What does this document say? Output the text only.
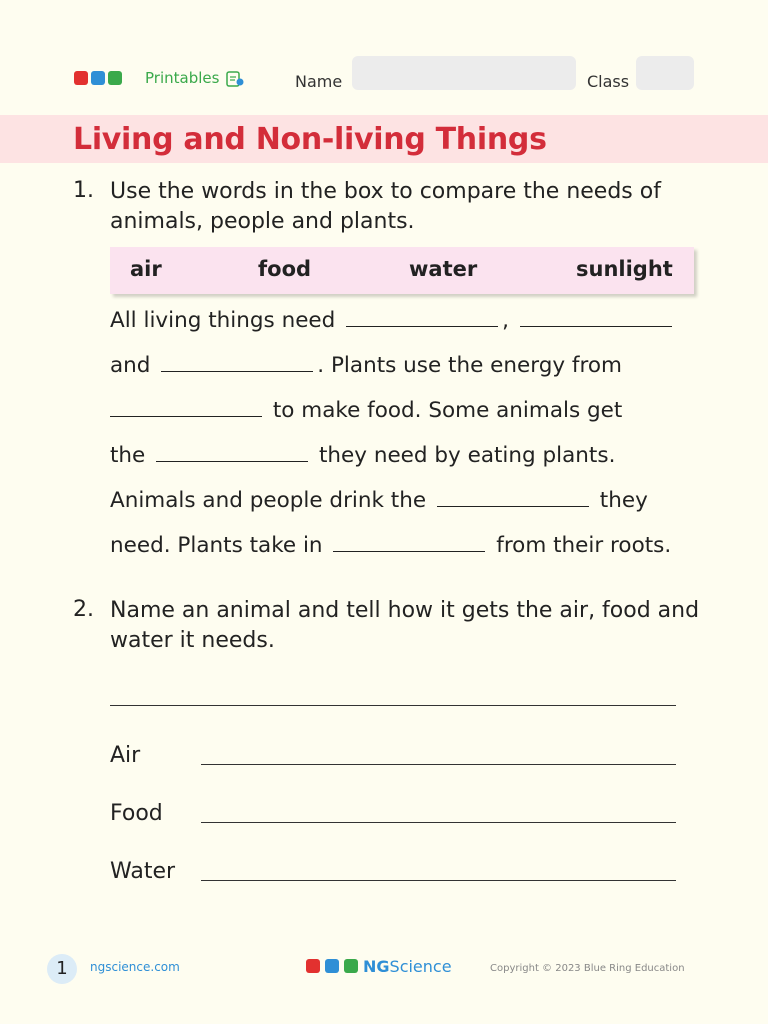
Printables	Name	Class
Living and Non-living Things
1. Use the words in the box to compare the needs of animals, people and plants.
air	food	water	sunlight
All living things need	,
and	. Plants use the energy from
to make food. Some animals get
the	they need by eating plants.
Animals and people drink the	they
need. Plants take in	from their roots.
2. Name an animal and tell how it gets the air, food and water it needs.
Air
Food
Water
1	ngscience.com	NGScience	Copyright © 2023 Blue Ring Education
